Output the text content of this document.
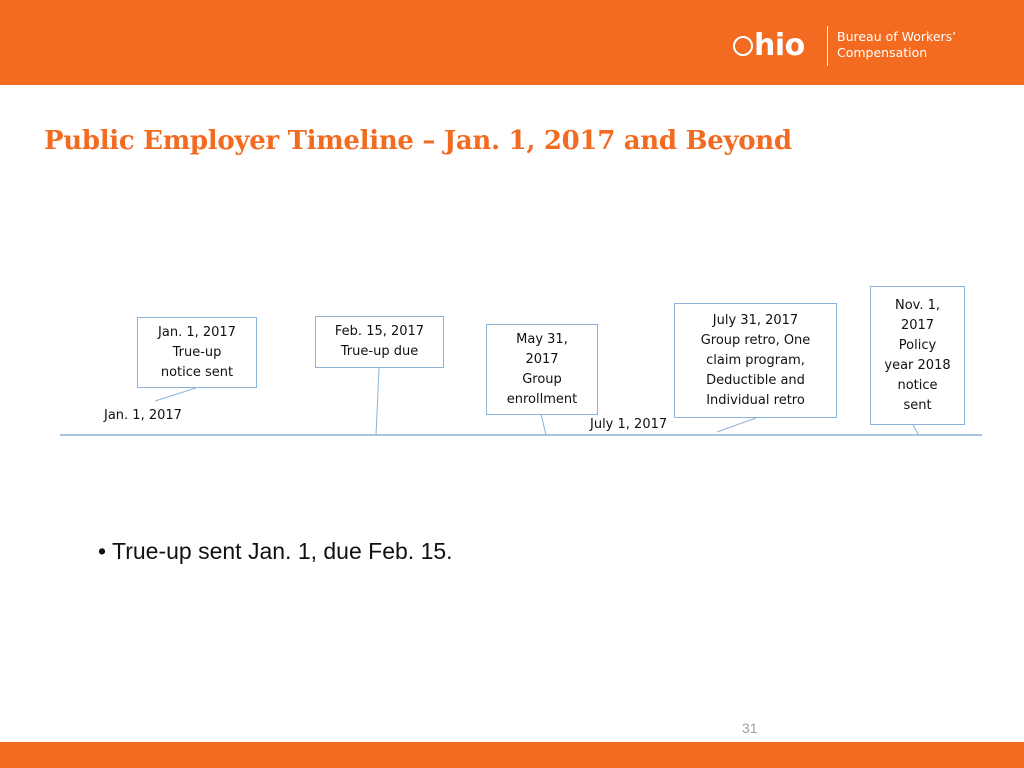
hio	Bureau of Workers’
Compensation
Public Employer Timeline – Jan. 1, 2017 and Beyond
Jan. 1, 2017
True-up
notice sent
Feb. 15, 2017
True-up due
May 31,
2017
Group
enrollment
July 31, 2017
Group retro, One
claim program,
Deductible and
Individual retro
Nov. 1,
2017
Policy
year 2018
notice
sent
Jan. 1, 2017
July 1, 2017

• True-up sent Jan. 1, due Feb. 15.

31
